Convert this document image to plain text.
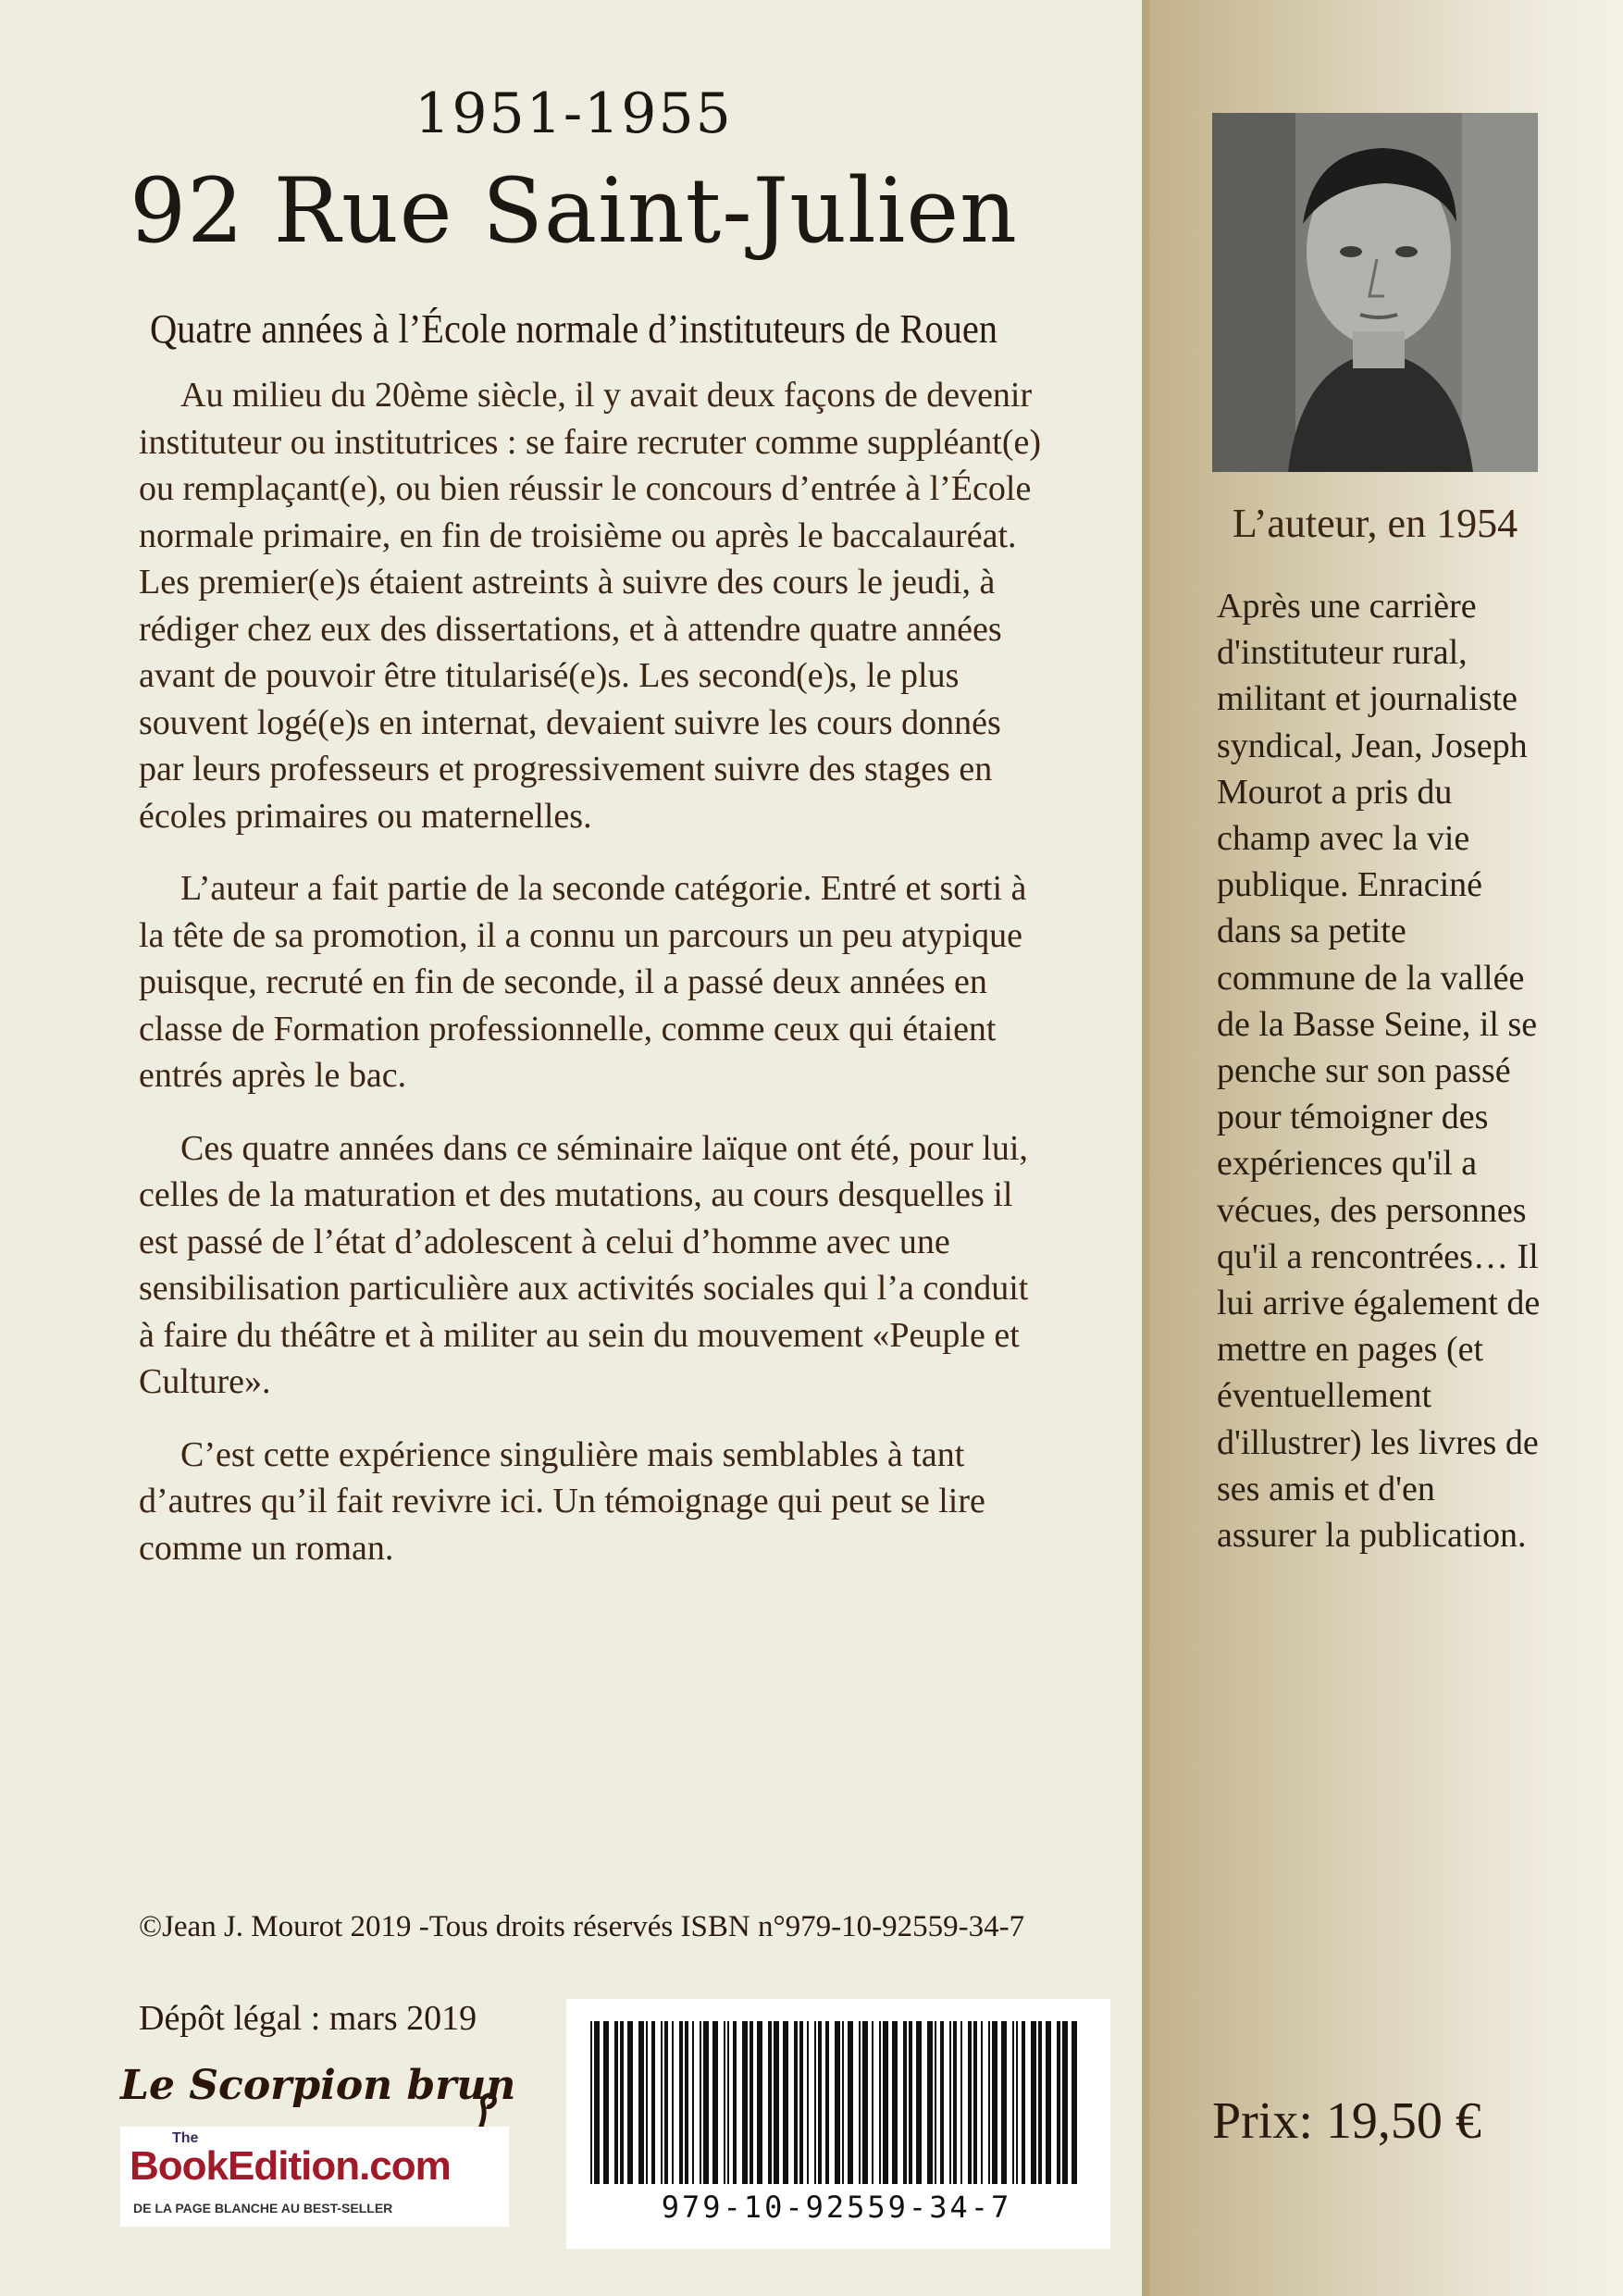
1951-1955
92 Rue Saint-Julien
Quatre années à l’École normale d’instituteurs de Rouen

Au milieu du 20ème siècle, il y avait deux façons de devenir instituteur ou institutrices : se faire recruter comme suppléant(e) ou remplaçant(e), ou bien réussir le concours d’entrée à l’École normale primaire, en fin de troisième ou après le baccalauréat. Les premier(e)s étaient astreints à suivre des cours le jeudi, à rédiger chez eux des dissertations, et à attendre quatre années avant de pouvoir être titularisé(e)s. Les second(e)s, le plus souvent logé(e)s en internat, devaient suivre les cours donnés par leurs professeurs et progressivement suivre des stages en écoles primaires ou maternelles.

L’auteur a fait partie de la seconde catégorie. Entré et sorti à la tête de sa promotion, il a connu un parcours un peu atypique puisque, recruté en fin de seconde, il a passé deux années en classe de Formation professionnelle, comme ceux qui étaient entrés après le bac.

Ces quatre années dans ce séminaire laïque ont été, pour lui, celles de la maturation et des mutations, au cours desquelles il est passé de l’état d’adolescent à celui d’homme avec une sensibilisation particulière aux activités sociales qui l’a conduit à faire du théâtre et à militer au sein du mouvement «Peuple et Culture».

C’est cette expérience singulière mais semblables à tant d’autres qu’il fait revivre ici. Un témoignage qui peut se lire comme un roman.

©Jean J. Mourot 2019 -Tous droits réservés ISBN n°979-10-92559-34-7
Dépôt légal : mars 2019
Le Scorpion brun
The
BookEdition.com
DE LA PAGE BLANCHE AU BEST-SELLER	979-10-92559-34-7
L’auteur, en 1954
Après une carrière d'instituteur rural, militant et journaliste syndical, Jean, Joseph Mourot a pris du champ avec la vie publique. Enraciné dans sa petite commune de la vallée de la Basse Seine, il se penche sur son passé pour témoigner des expériences qu'il a vécues, des personnes qu'il a rencontrées… Il lui arrive également de mettre en pages (et éventuellement d'illustrer) les livres de ses amis et d'en assurer la publication.
Prix: 19,50 €
